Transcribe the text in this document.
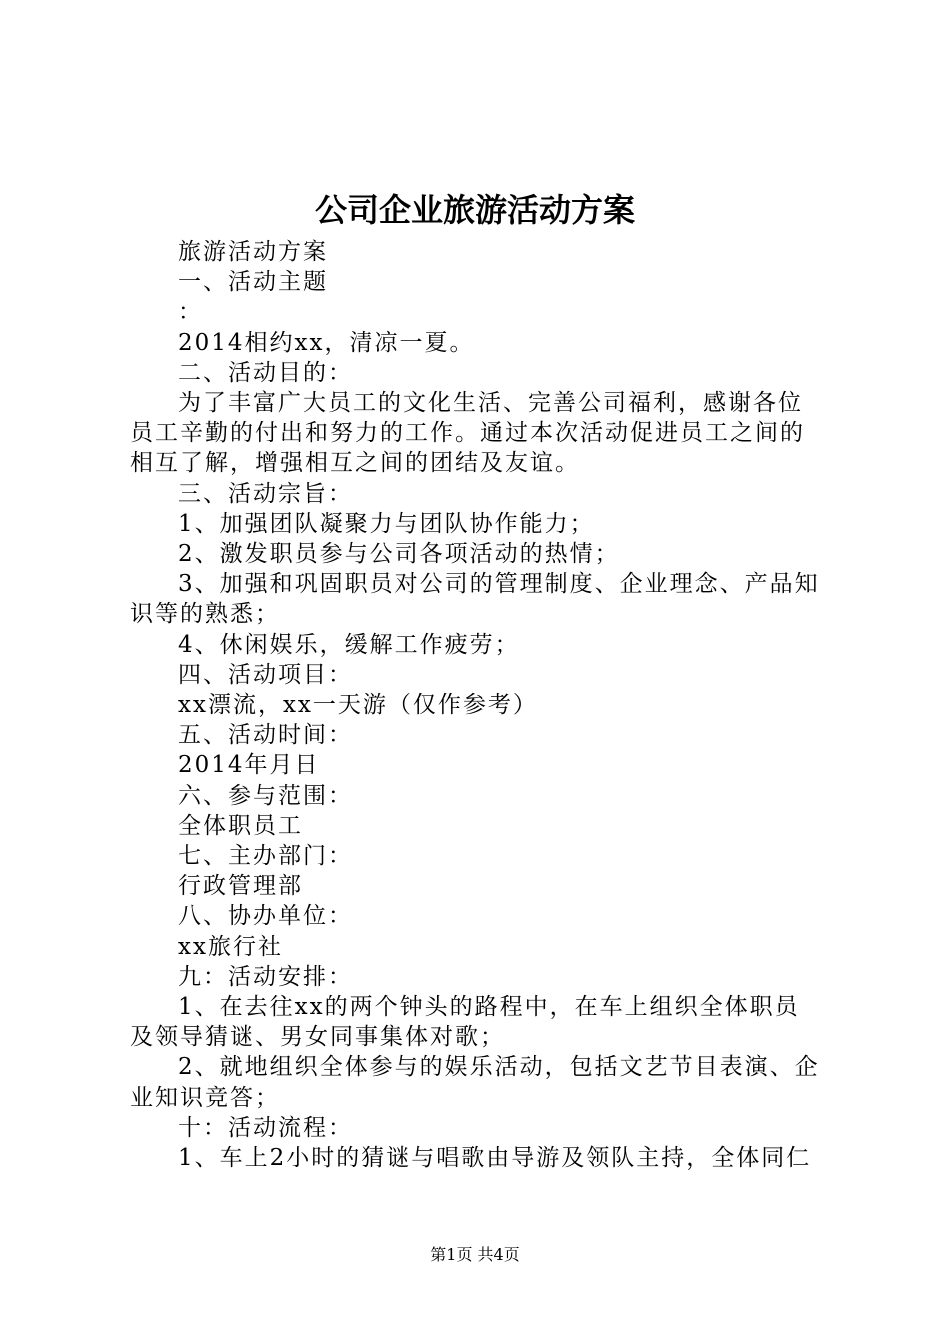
公司企业旅游活动方案
旅游活动方案
一、活动主题
：
2014相约xx，清凉一夏。
二、活动目的：
为了丰富广大员工的文化生活、完善公司福利，感谢各位
员工辛勤的付出和努力的工作。通过本次活动促进员工之间的
相互了解，增强相互之间的团结及友谊。
三、活动宗旨：
1、加强团队凝聚力与团队协作能力；
2、激发职员参与公司各项活动的热情；
3、加强和巩固职员对公司的管理制度、企业理念、产品知
识等的熟悉；
4、休闲娱乐，缓解工作疲劳；
四、活动项目：
xx漂流，xx一天游（仅作参考）
五、活动时间：
2014年月日
六、参与范围：
全体职员工
七、主办部门：
行政管理部
八、协办单位：
xx旅行社
九：活动安排：
1、在去往xx的两个钟头的路程中，在车上组织全体职员
及领导猜谜、男女同事集体对歌；
2、就地组织全体参与的娱乐活动，包括文艺节目表演、企
业知识竞答；
十：活动流程：
1、车上2小时的猜谜与唱歌由导游及领队主持，全体同仁
第1页 共4页
